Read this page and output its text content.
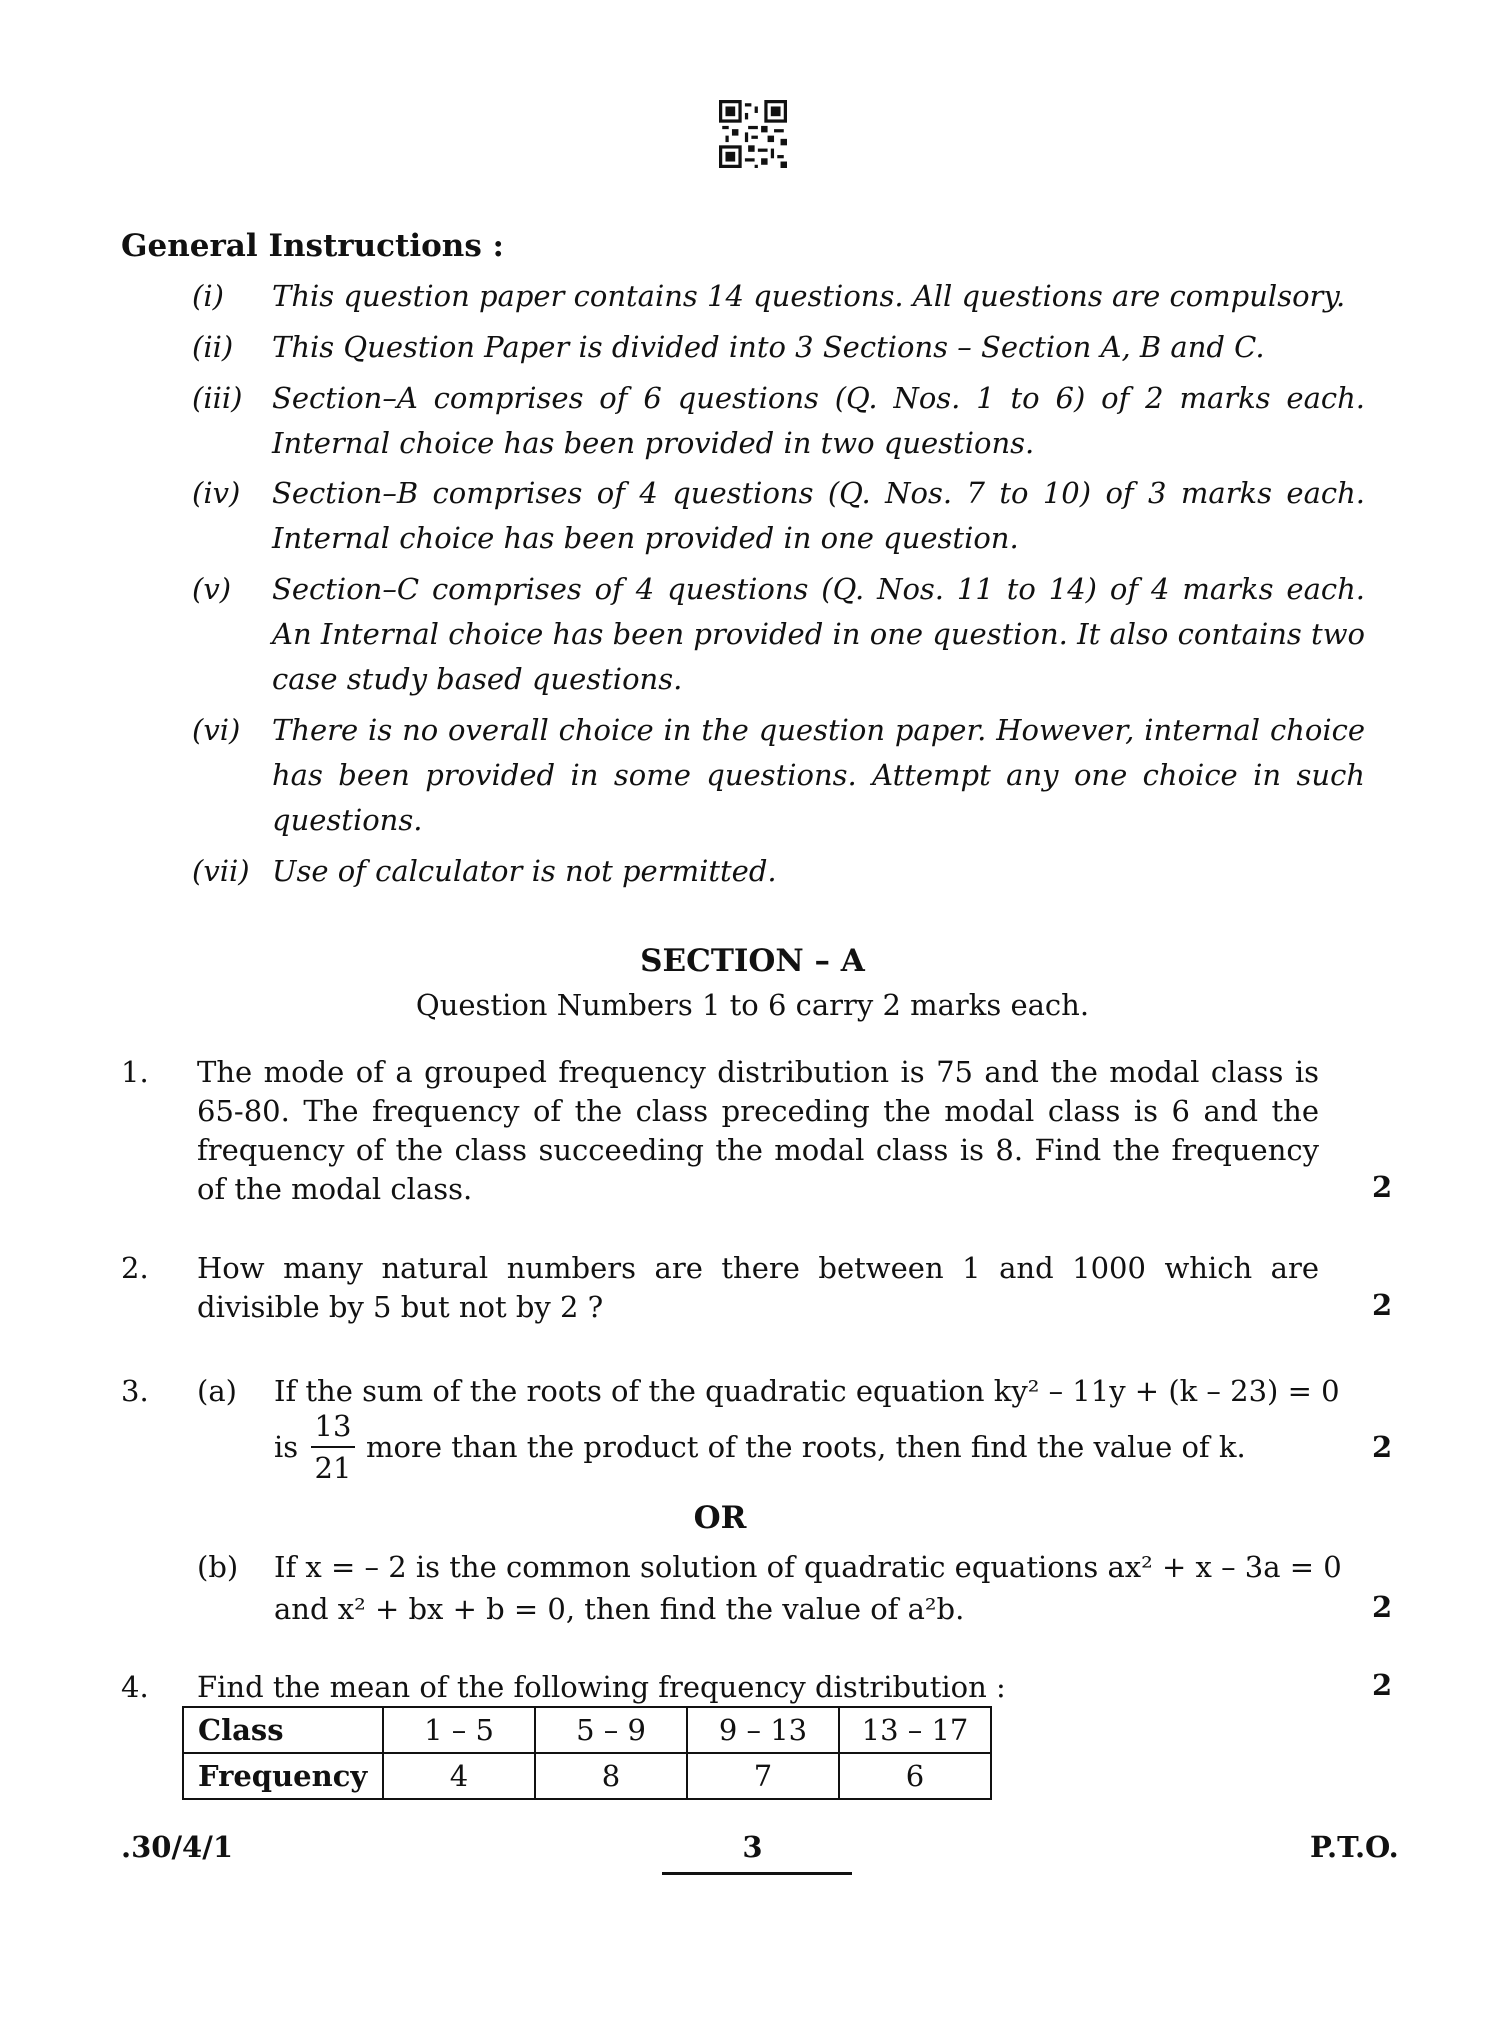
General Instructions :
(i) This question paper contains 14 questions. All questions are compulsory.
(ii) This Question Paper is divided into 3 Sections – Section A, B and C.
(iii) Section–A comprises of 6 questions (Q. Nos. 1 to 6) of 2 marks each. Internal choice has been provided in two questions.
(iv) Section–B comprises of 4 questions (Q. Nos. 7 to 10) of 3 marks each. Internal choice has been provided in one question.
(v) Section–C comprises of 4 questions (Q. Nos. 11 to 14) of 4 marks each. An Internal choice has been provided in one question. It also contains two case study based questions.
(vi) There is no overall choice in the question paper. However, internal choice has been provided in some questions. Attempt any one choice in such questions.
(vii) Use of calculator is not permitted.
SECTION – A
Question Numbers 1 to 6 carry 2 marks each.
1. The mode of a grouped frequency distribution is 75 and the modal class is 65-80. The frequency of the class preceding the modal class is 6 and the frequency of the class succeeding the modal class is 8. Find the frequency of the modal class.	2
2. How many natural numbers are there between 1 and 1000 which are divisible by 5 but not by 2 ?	2
3. (a) If the sum of the roots of the quadratic equation ky² – 11y + (k – 23) = 0
is more than the product of the roots, then find the value of k.
13
21
2
OR
(b) If x = – 2 is the common solution of quadratic equations ax² + x – 3a = 0
and x² + bx + b = 0, then find the value of a²b.	2
4. Find the mean of the following frequency distribution :	2
Class	1 – 5	5 – 9	9 – 13	13 – 17
Frequency	4	8	7	6
.30/4/1	3	P.T.O.
